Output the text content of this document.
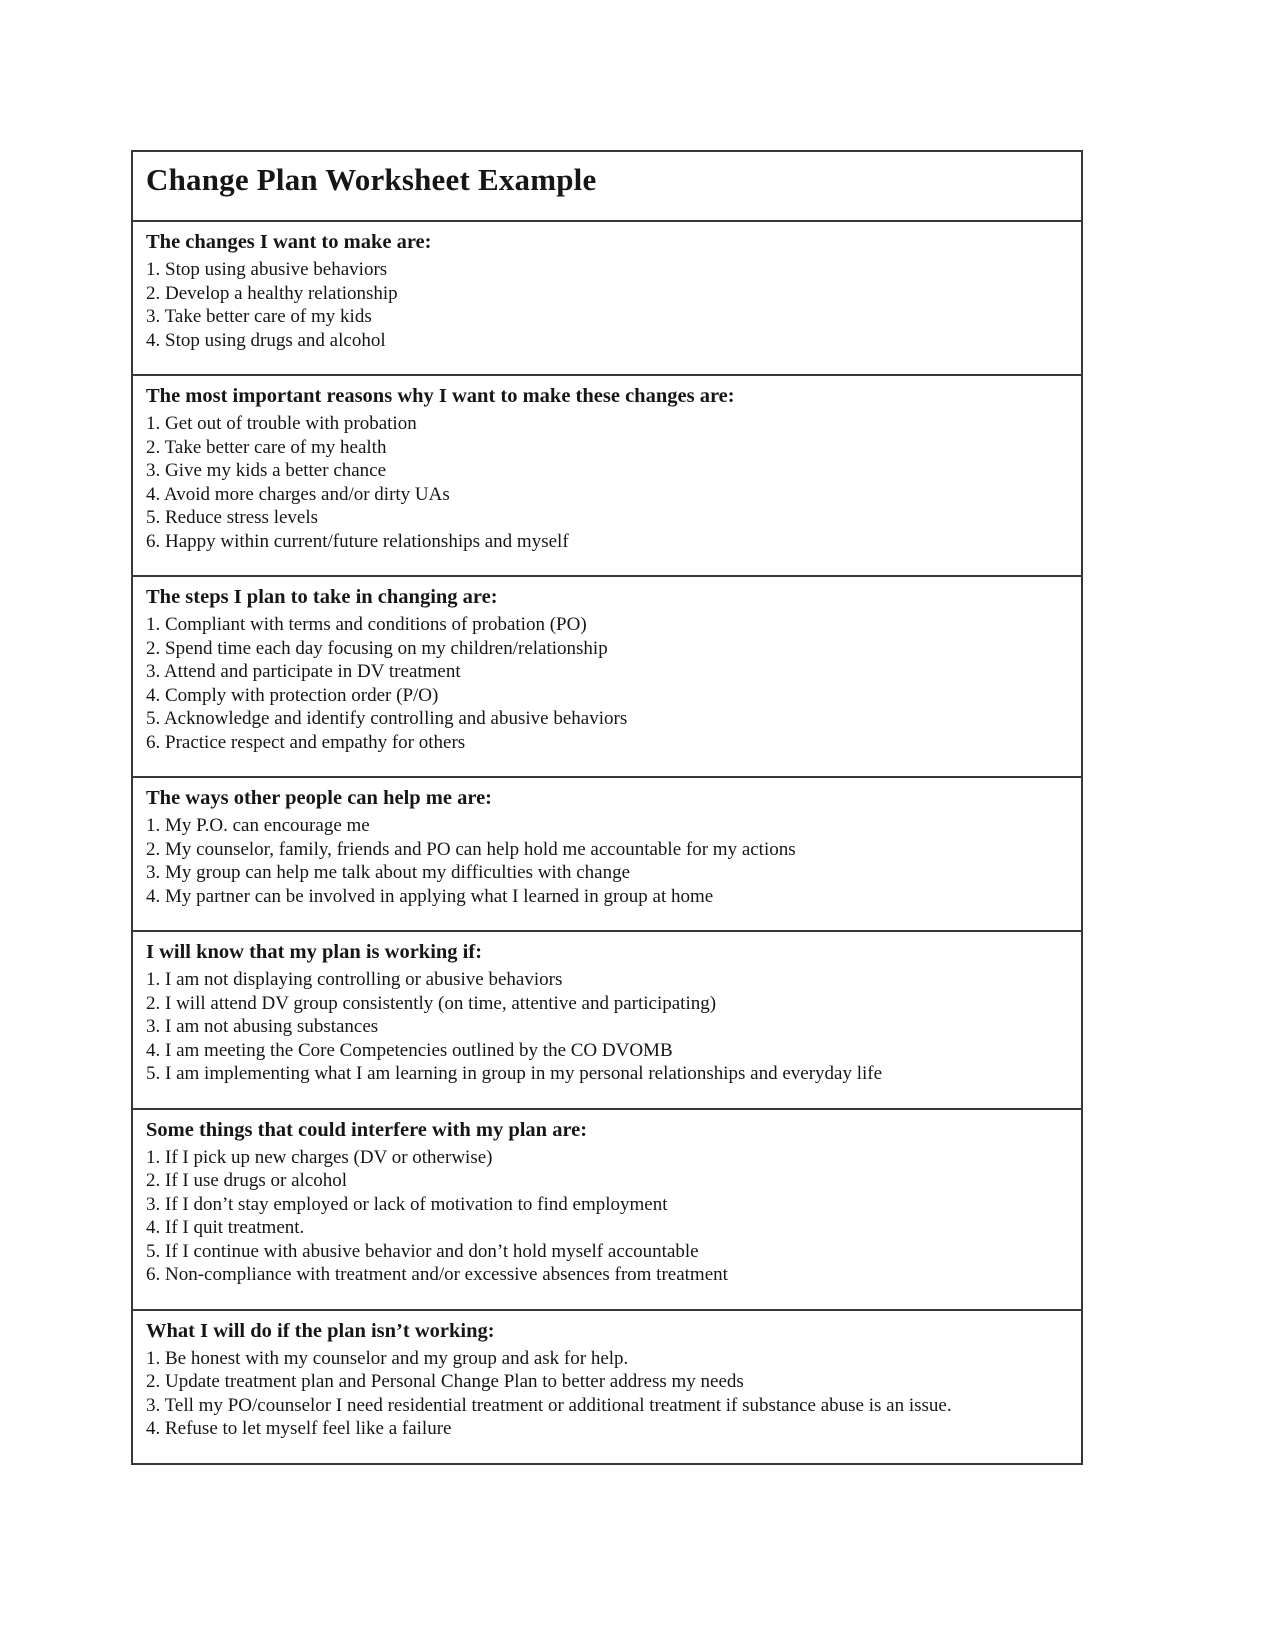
Change Plan Worksheet Example
The changes I want to make are:
1. Stop using abusive behaviors
2. Develop a healthy relationship
3. Take better care of my kids
4. Stop using drugs and alcohol
The most important reasons why I want to make these changes are:
1. Get out of trouble with probation
2. Take better care of my health
3. Give my kids a better chance
4. Avoid more charges and/or dirty UAs
5. Reduce stress levels
6. Happy within current/future relationships and myself
The steps I plan to take in changing are:
1. Compliant with terms and conditions of probation (PO)
2. Spend time each day focusing on my children/relationship
3. Attend and participate in DV treatment
4. Comply with protection order (P/O)
5. Acknowledge and identify controlling and abusive behaviors
6. Practice respect and empathy for others
The ways other people can help me are:
1. My P.O. can encourage me
2. My counselor, family, friends and PO can help hold me accountable for my actions
3. My group can help me talk about my difficulties with change
4. My partner can be involved in applying what I learned in group at home
I will know that my plan is working if:
1. I am not displaying controlling or abusive behaviors
2. I will attend DV group consistently (on time, attentive and participating)
3. I am not abusing substances
4. I am meeting the Core Competencies outlined by the CO DVOMB
5. I am implementing what I am learning in group in my personal relationships and everyday life
Some things that could interfere with my plan are:
1. If I pick up new charges (DV or otherwise)
2. If I use drugs or alcohol
3. If I don’t stay employed or lack of motivation to find employment
4. If I quit treatment.
5. If I continue with abusive behavior and don’t hold myself accountable
6. Non-compliance with treatment and/or excessive absences from treatment
What I will do if the plan isn’t working:
1. Be honest with my counselor and my group and ask for help.
2. Update treatment plan and Personal Change Plan to better address my needs
3. Tell my PO/counselor I need residential treatment or additional treatment if substance abuse is an issue.
4. Refuse to let myself feel like a failure
